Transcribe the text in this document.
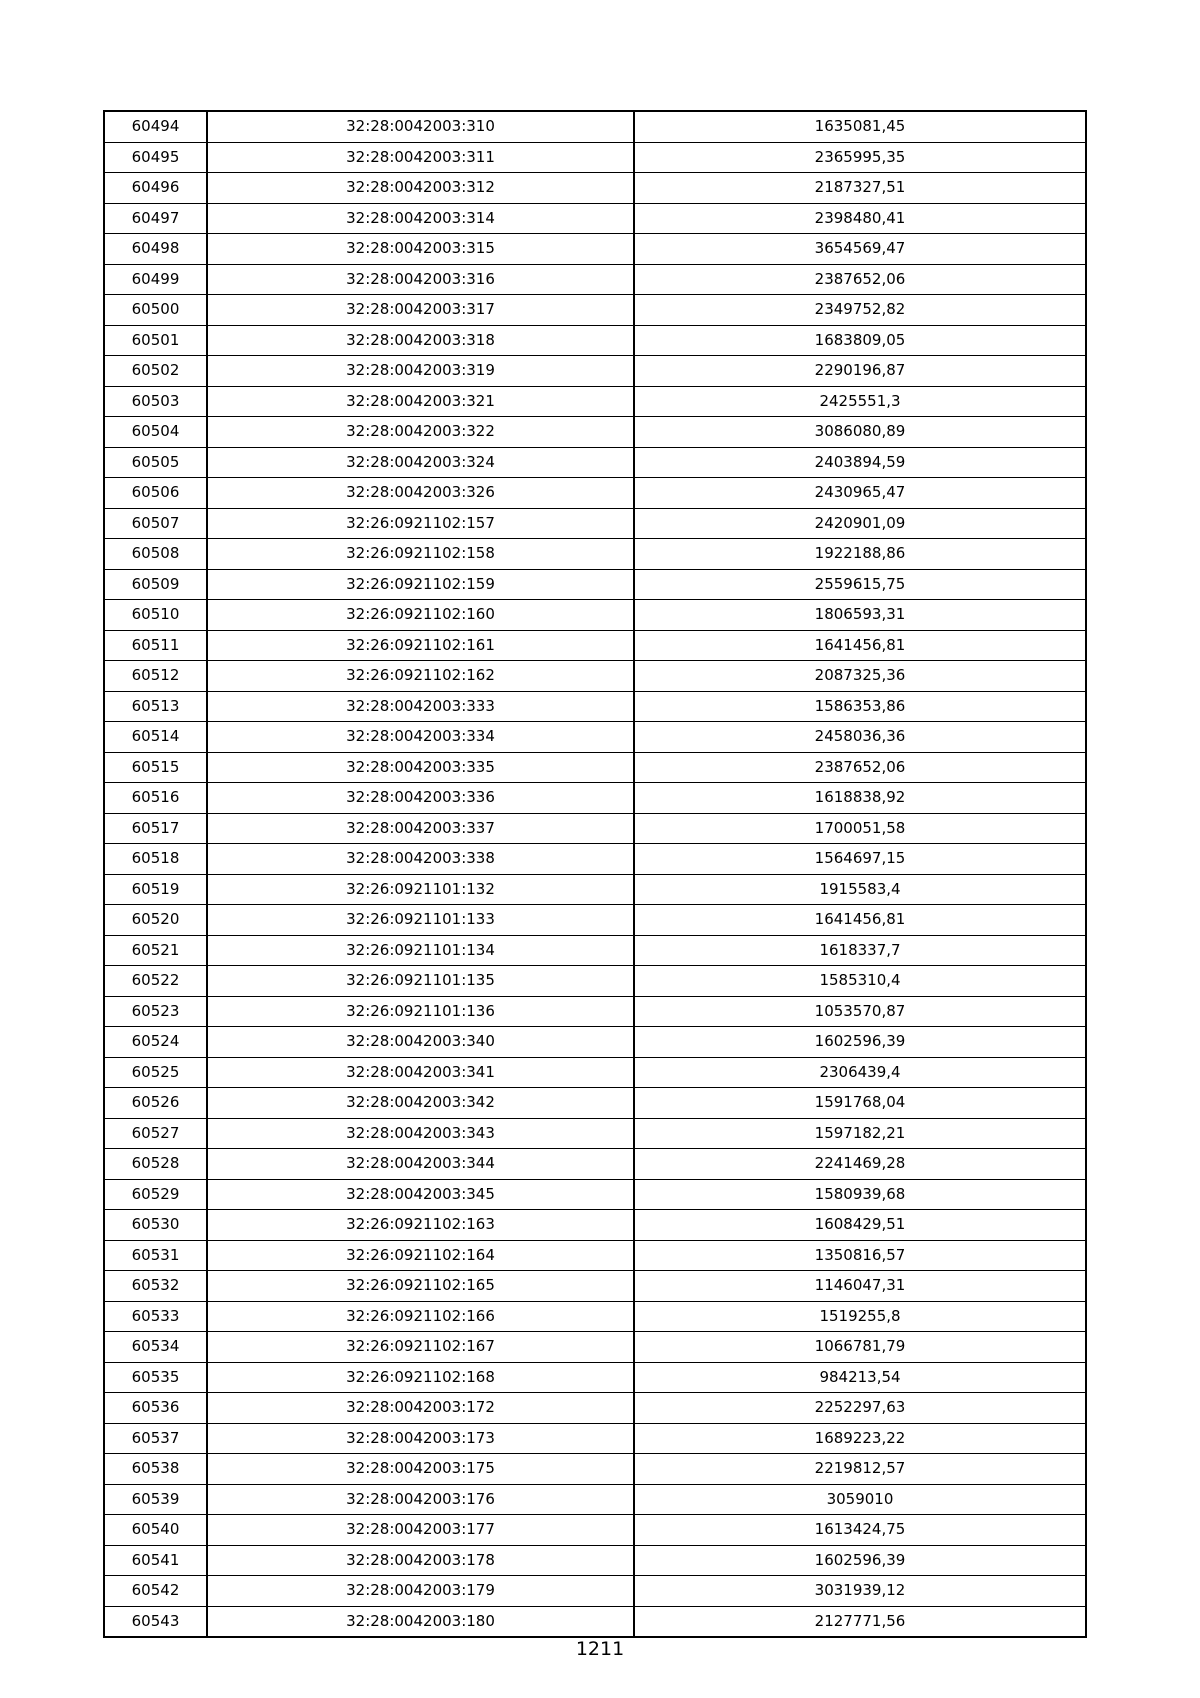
60494	32:28:0042003:310	1635081,45
60495	32:28:0042003:311	2365995,35
60496	32:28:0042003:312	2187327,51
60497	32:28:0042003:314	2398480,41
60498	32:28:0042003:315	3654569,47
60499	32:28:0042003:316	2387652,06
60500	32:28:0042003:317	2349752,82
60501	32:28:0042003:318	1683809,05
60502	32:28:0042003:319	2290196,87
60503	32:28:0042003:321	2425551,3
60504	32:28:0042003:322	3086080,89
60505	32:28:0042003:324	2403894,59
60506	32:28:0042003:326	2430965,47
60507	32:26:0921102:157	2420901,09
60508	32:26:0921102:158	1922188,86
60509	32:26:0921102:159	2559615,75
60510	32:26:0921102:160	1806593,31
60511	32:26:0921102:161	1641456,81
60512	32:26:0921102:162	2087325,36
60513	32:28:0042003:333	1586353,86
60514	32:28:0042003:334	2458036,36
60515	32:28:0042003:335	2387652,06
60516	32:28:0042003:336	1618838,92
60517	32:28:0042003:337	1700051,58
60518	32:28:0042003:338	1564697,15
60519	32:26:0921101:132	1915583,4
60520	32:26:0921101:133	1641456,81
60521	32:26:0921101:134	1618337,7
60522	32:26:0921101:135	1585310,4
60523	32:26:0921101:136	1053570,87
60524	32:28:0042003:340	1602596,39
60525	32:28:0042003:341	2306439,4
60526	32:28:0042003:342	1591768,04
60527	32:28:0042003:343	1597182,21
60528	32:28:0042003:344	2241469,28
60529	32:28:0042003:345	1580939,68
60530	32:26:0921102:163	1608429,51
60531	32:26:0921102:164	1350816,57
60532	32:26:0921102:165	1146047,31
60533	32:26:0921102:166	1519255,8
60534	32:26:0921102:167	1066781,79
60535	32:26:0921102:168	984213,54
60536	32:28:0042003:172	2252297,63
60537	32:28:0042003:173	1689223,22
60538	32:28:0042003:175	2219812,57
60539	32:28:0042003:176	3059010
60540	32:28:0042003:177	1613424,75
60541	32:28:0042003:178	1602596,39
60542	32:28:0042003:179	3031939,12
60543	32:28:0042003:180	2127771,56
1211
